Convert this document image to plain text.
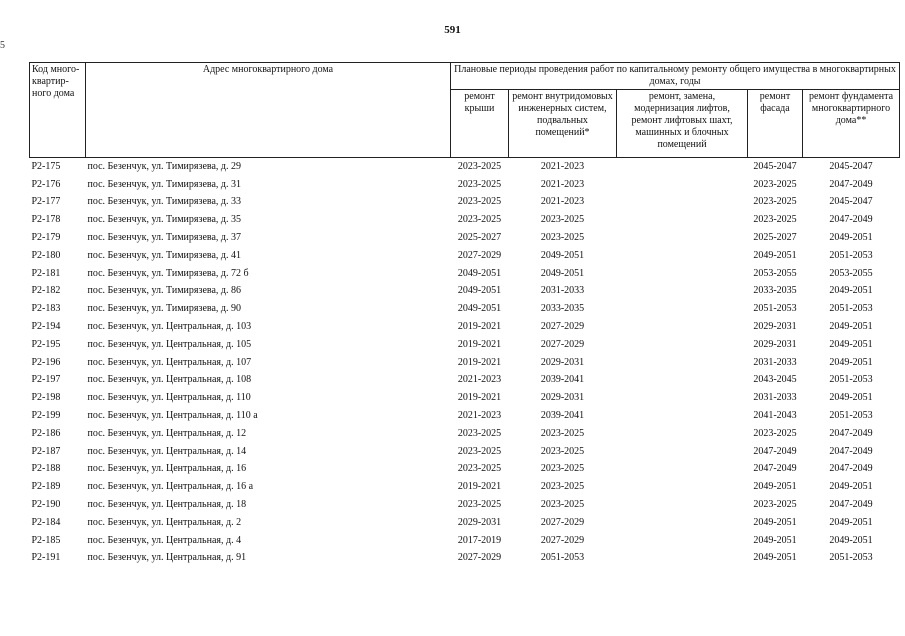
591
5
Код много-квартир-ного дома	Адрес многоквартирного дома	Плановые периоды проведения работ по капитальному ремонту общего имущества в многоквартирных домах, годы				
		ремонт крыши	ремонт внутридомовых инженерных систем, подвальных помещений*	ремонт, замена, модернизация лифтов, ремонт лифтовых шахт, машинных и блочных помещений	ремонт фасада	ремонт фундамента многоквартирного дома**
Р2-175	пос. Безенчук, ул. Тимирязева, д. 29	2023-2025	2021-2023		2045-2047	2045-2047
Р2-176	пос. Безенчук, ул. Тимирязева, д. 31	2023-2025	2021-2023		2023-2025	2047-2049
Р2-177	пос. Безенчук, ул. Тимирязева, д. 33	2023-2025	2021-2023		2023-2025	2045-2047
Р2-178	пос. Безенчук, ул. Тимирязева, д. 35	2023-2025	2023-2025		2023-2025	2047-2049
Р2-179	пос. Безенчук, ул. Тимирязева, д. 37	2025-2027	2023-2025		2025-2027	2049-2051
Р2-180	пос. Безенчук, ул. Тимирязева, д. 41	2027-2029	2049-2051		2049-2051	2051-2053
Р2-181	пос. Безенчук, ул. Тимирязева, д. 72 б	2049-2051	2049-2051		2053-2055	2053-2055
Р2-182	пос. Безенчук, ул. Тимирязева, д. 86	2049-2051	2031-2033		2033-2035	2049-2051
Р2-183	пос. Безенчук, ул. Тимирязева, д. 90	2049-2051	2033-2035		2051-2053	2051-2053
Р2-194	пос. Безенчук, ул. Центральная, д. 103	2019-2021	2027-2029		2029-2031	2049-2051
Р2-195	пос. Безенчук, ул. Центральная, д. 105	2019-2021	2027-2029		2029-2031	2049-2051
Р2-196	пос. Безенчук, ул. Центральная, д. 107	2019-2021	2029-2031		2031-2033	2049-2051
Р2-197	пос. Безенчук, ул. Центральная, д. 108	2021-2023	2039-2041		2043-2045	2051-2053
Р2-198	пос. Безенчук, ул. Центральная, д. 110	2019-2021	2029-2031		2031-2033	2049-2051
Р2-199	пос. Безенчук, ул. Центральная, д. 110 а	2021-2023	2039-2041		2041-2043	2051-2053
Р2-186	пос. Безенчук, ул. Центральная, д. 12	2023-2025	2023-2025		2023-2025	2047-2049
Р2-187	пос. Безенчук, ул. Центральная, д. 14	2023-2025	2023-2025		2047-2049	2047-2049
Р2-188	пос. Безенчук, ул. Центральная, д. 16	2023-2025	2023-2025		2047-2049	2047-2049
Р2-189	пос. Безенчук, ул. Центральная, д. 16 а	2019-2021	2023-2025		2049-2051	2049-2051
Р2-190	пос. Безенчук, ул. Центральная, д. 18	2023-2025	2023-2025		2023-2025	2047-2049
Р2-184	пос. Безенчук, ул. Центральная, д. 2	2029-2031	2027-2029		2049-2051	2049-2051
Р2-185	пос. Безенчук, ул. Центральная, д. 4	2017-2019	2027-2029		2049-2051	2049-2051
Р2-191	пос. Безенчук, ул. Центральная, д. 91	2027-2029	2051-2053		2049-2051	2051-2053
